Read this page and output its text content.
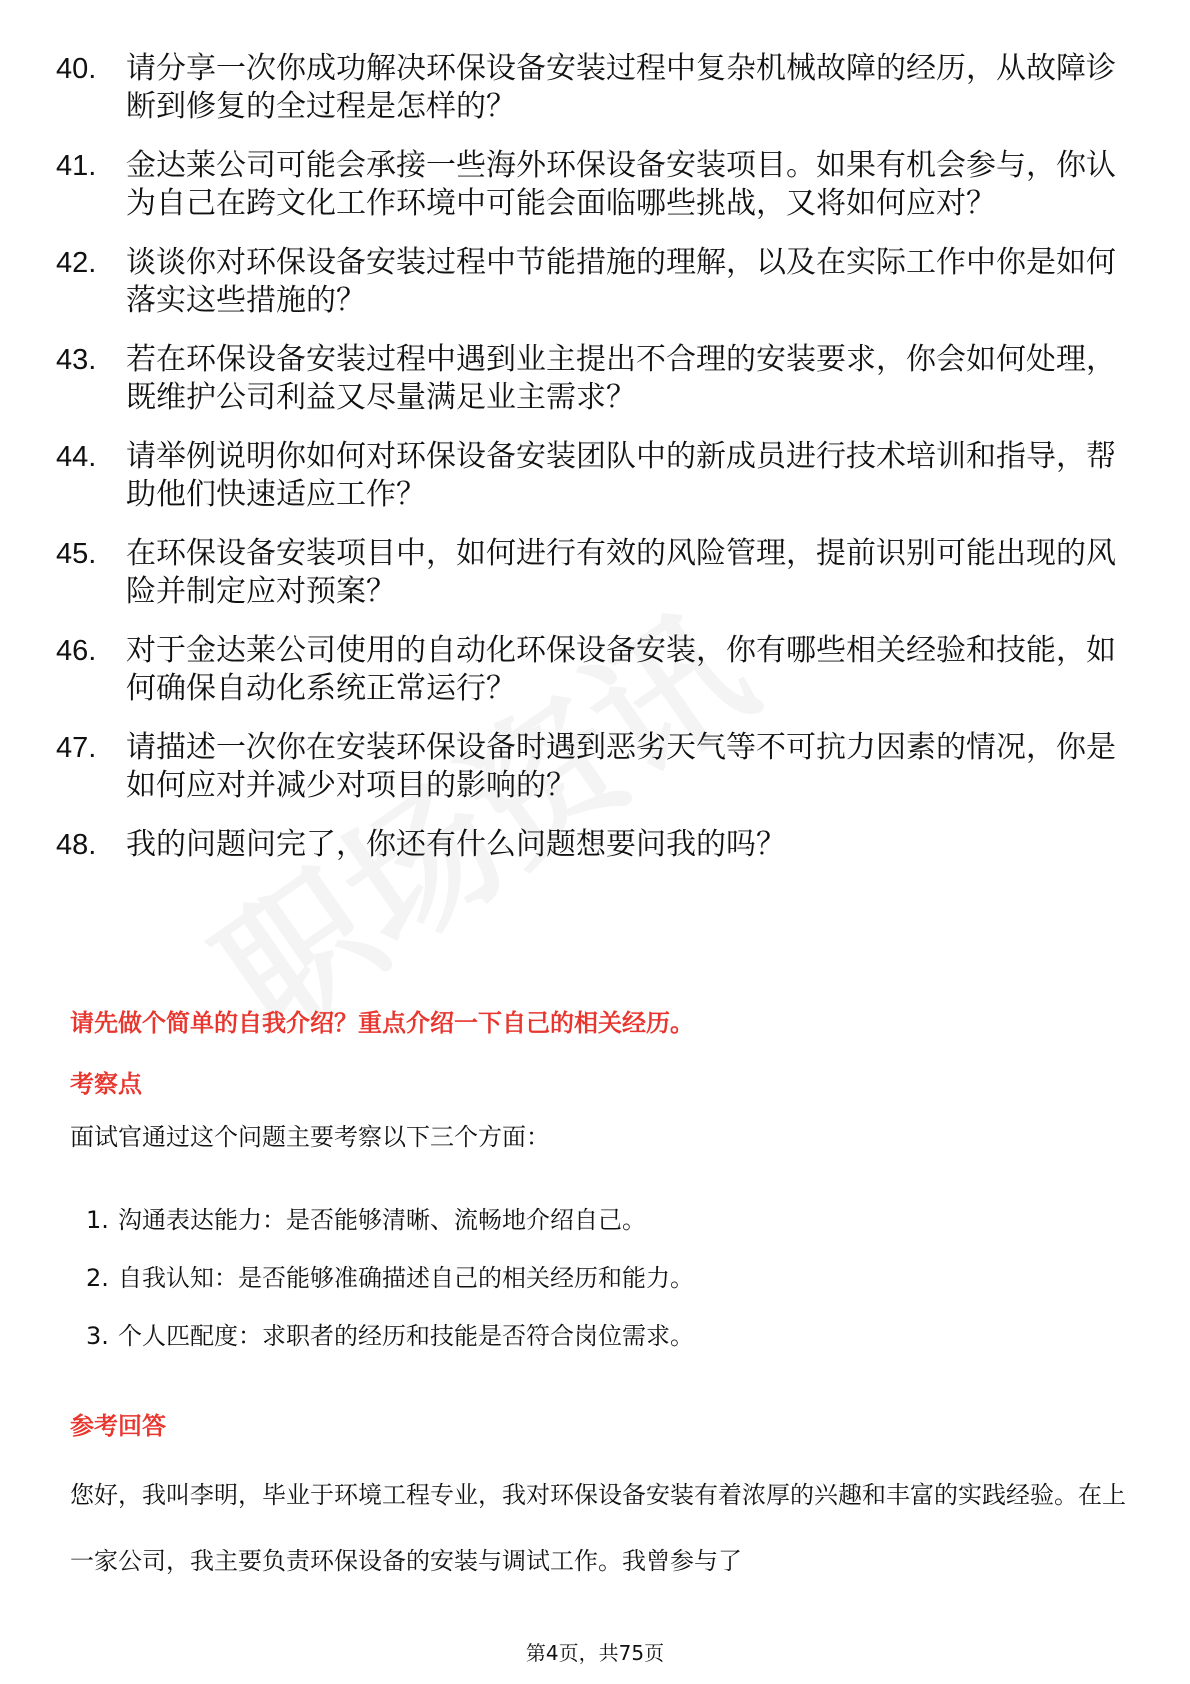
40. 请分享一次你成功解决环保设备安装过程中复杂机械故障的经历，从故障诊断到修复的全过程是怎样的？
41. 金达莱公司可能会承接一些海外环保设备安装项目。如果有机会参与，你认为自己在跨文化工作环境中可能会面临哪些挑战，又将如何应对？
42. 谈谈你对环保设备安装过程中节能措施的理解，以及在实际工作中你是如何落实这些措施的？
43. 若在环保设备安装过程中遇到业主提出不合理的安装要求，你会如何处理，既维护公司利益又尽量满足业主需求？
44. 请举例说明你如何对环保设备安装团队中的新成员进行技术培训和指导，帮助他们快速适应工作？
45. 在环保设备安装项目中，如何进行有效的风险管理，提前识别可能出现的风险并制定应对预案？
46. 对于金达莱公司使用的自动化环保设备安装，你有哪些相关经验和技能，如何确保自动化系统正常运行？
47. 请描述一次你在安装环保设备时遇到恶劣天气等不可抗力因素的情况，你是如何应对并减少对项目的影响的？
48. 我的问题问完了，你还有什么问题想要问我的吗？
请先做个简单的自我介绍？重点介绍一下自己的相关经历。
考察点

面试官通过这个问题主要考察以下三个方面：

1. 沟通表达能力：是否能够清晰、流畅地介绍自己。
2. 自我认知：是否能够准确描述自己的相关经历和能力。
3. 个人匹配度：求职者的经历和技能是否符合岗位需求。
参考回答

您好，我叫李明，毕业于环境工程专业，我对环保设备安装有着浓厚的兴趣和丰富的实践经验。在上一家公司，我主要负责环保设备的安装与调试工作。我曾参与了

第4页，共75页
